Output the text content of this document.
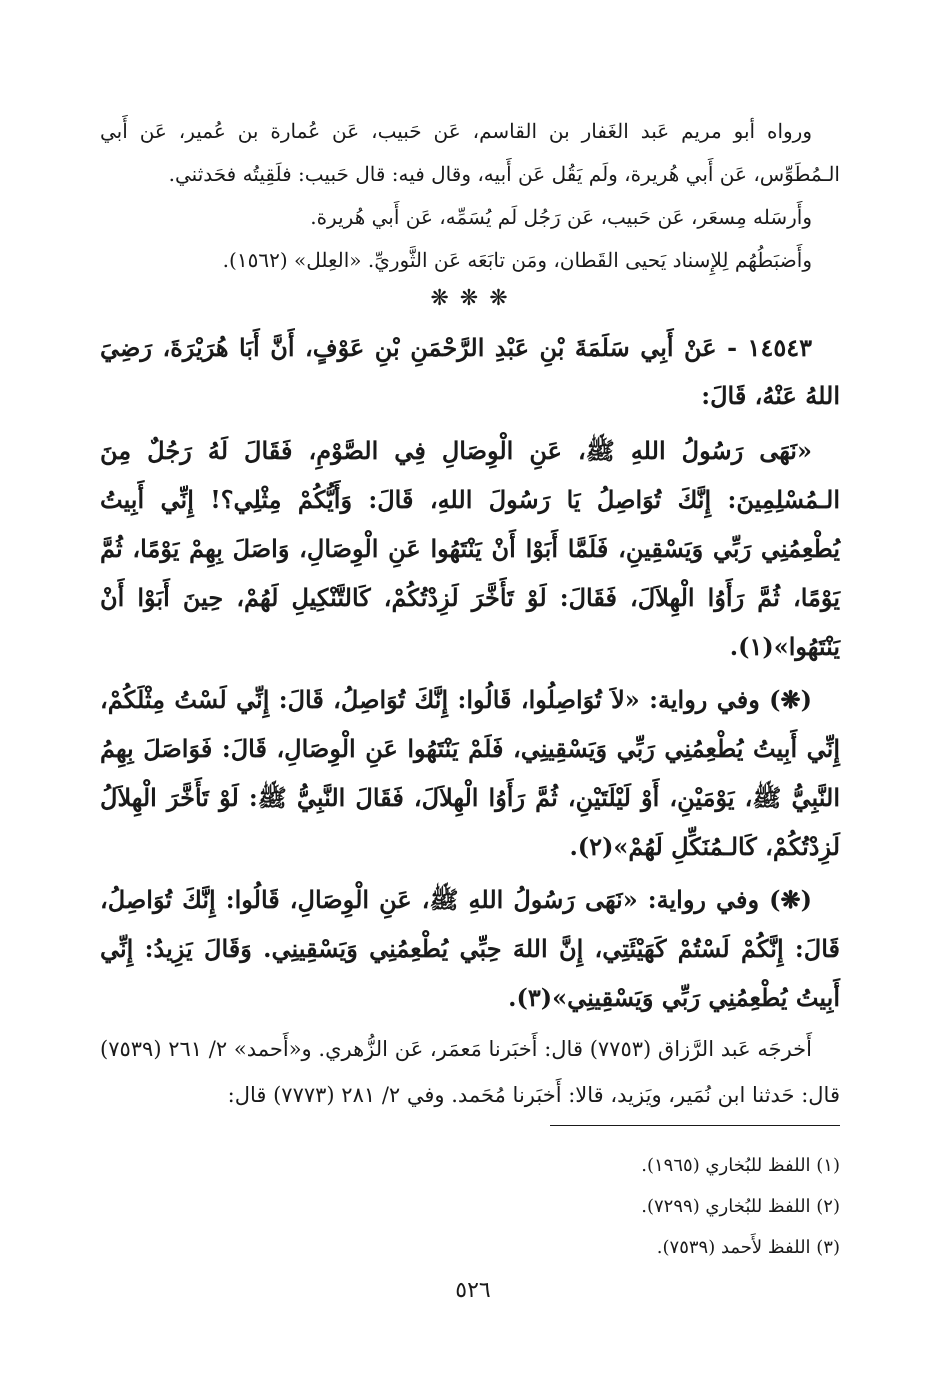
ورواه أبو مريم عَبد الغَفار بن القاسم، عَن حَبيب، عَن عُمارة بن عُمير، عَن أَبي الـمُطَوِّس، عَن أَبي هُريرة، ولَم يَقُل عَن أَبيه، وقال فيه: قال حَبيب: فلَقِيتُه فحَدثني.

وأَرسَله مِسعَر، عَن حَبيب، عَن رَجُل لَم يُسَمِّه، عَن أَبي هُريرة.

وأَضبَطُهُم لِلإِسناد يَحيى القَطان، ومَن تابَعَه عَن الثَّوريِّ. «العِلل» (١٥٦٢).

❋ ❋ ❋

١٤٥٤٣ - عَنْ أَبِي سَلَمَةَ بْنِ عَبْدِ الرَّحْمَنِ بْنِ عَوْفٍ، أَنَّ أَبَا هُرَيْرَةَ، رَضِيَ اللهُ عَنْهُ، قَالَ:

«نَهَى رَسُولُ اللهِ ﷺ، عَنِ الْوِصَالِ فِي الصَّوْمِ، فَقَالَ لَهُ رَجُلٌ مِنَ الـمُسْلِمِينَ: إِنَّكَ تُوَاصِلُ يَا رَسُولَ اللهِ، قَالَ: وَأَيُّكُمْ مِثْلِي؟! إِنِّي أَبِيتُ يُطْعِمُنِي رَبِّي وَيَسْقِينِ، فَلَمَّا أَبَوْا أَنْ يَنْتَهُوا عَنِ الْوِصَالِ، وَاصَلَ بِهِمْ يَوْمًا، ثُمَّ يَوْمًا، ثُمَّ رَأَوُا الْهِلاَلَ، فَقَالَ: لَوْ تَأَخَّرَ لَزِدْتُكُمْ، كَالتَّنْكِيلِ لَهُمْ، حِينَ أَبَوْا أَنْ يَنْتَهُوا»(١).

(❋) وفي رواية: «لاَ تُوَاصِلُوا، قَالُوا: إِنَّكَ تُوَاصِلُ، قَالَ: إِنِّي لَسْتُ مِثْلَكُمْ، إِنِّي أَبِيتُ يُطْعِمُنِي رَبِّي وَيَسْقِينِي، فَلَمْ يَنْتَهُوا عَنِ الْوِصَالِ، قَالَ: فَوَاصَلَ بِهِمُ النَّبِيُّ ﷺ، يَوْمَيْنِ، أَوْ لَيْلَتَيْنِ، ثُمَّ رَأَوُا الْهِلاَلَ، فَقَالَ النَّبِيُّ ﷺ: لَوْ تَأَخَّرَ الْهِلاَلُ لَزِدْتُكُمْ، كَالـمُنَكِّلِ لَهُمْ»(٢).

(❋) وفي رواية: «نَهَى رَسُولُ اللهِ ﷺ، عَنِ الْوِصَالِ، قَالُوا: إِنَّكَ تُوَاصِلُ، قَالَ: إِنَّكُمْ لَسْتُمْ كَهَيْئَتِي، إِنَّ اللهَ حِبِّي يُطْعِمُنِي وَيَسْقِينِي. وَقَالَ يَزِيدُ: إِنِّي أَبِيتُ يُطْعِمُنِي رَبِّي وَيَسْقِينِي»(٣).

أَخرجَه عَبد الرَّزاق (٧٧٥٣) قال: أَخبَرنا مَعمَر، عَن الزُّهري. و«أَحمد» ٢/ ٢٦١ (٧٥٣٩) قال: حَدثنا ابن نُمَير، ويَزيد، قالا: أَخبَرنا مُحَمد. وفي ٢/ ٢٨١ (٧٧٧٣) قال:

(١) اللفظ للبُخاري (١٩٦٥).

(٢) اللفظ للبُخاري (٧٢٩٩).

(٣) اللفظ لأَحمد (٧٥٣٩).

٥٢٦
